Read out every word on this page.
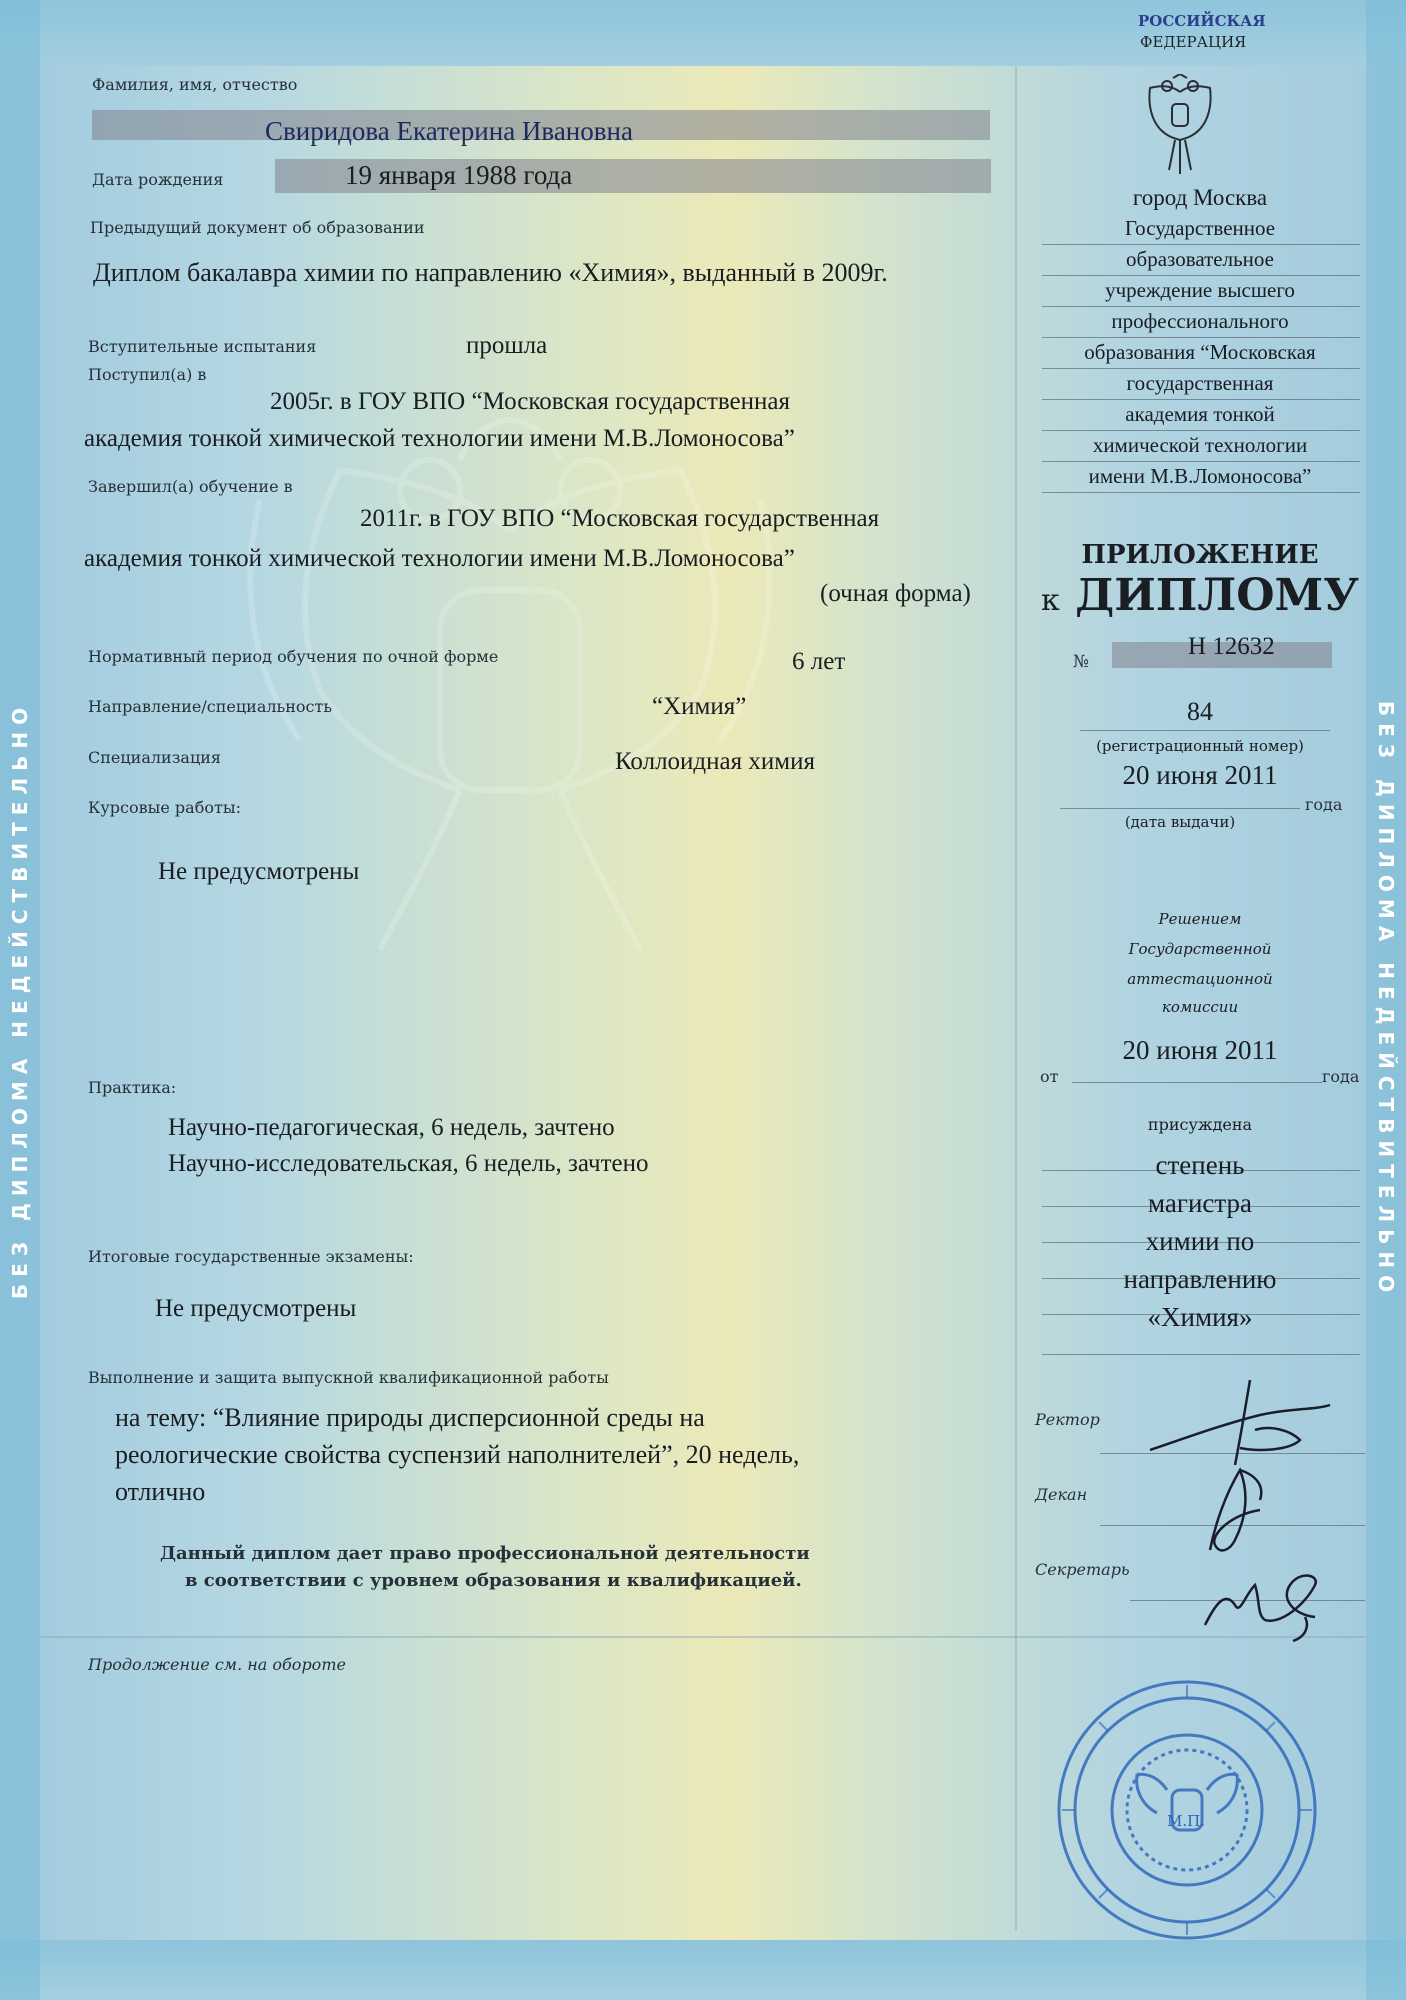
БЕЗ ДИПЛОМА НЕДЕЙСТВИТЕЛЬНО	БЕЗ ДИПЛОМА НЕДЕЙСТВИТЕЛЬНО
РОССИЙСКАЯ
ФЕДЕРАЦИЯ
Фамилия, имя, отчество
Свиридова Екатерина Ивановна
Дата рождения	19 января 1988 года
Предыдущий документ об образовании
Диплом бакалавра химии по направлению «Химия», выданный в 2009г.
Вступительные испытания	прошла
Поступил(а) в
2005г. в ГОУ ВПО “Московская государственная
академия тонкой химической технологии имени М.В.Ломоносова”
Завершил(а) обучение в
2011г. в ГОУ ВПО “Московская государственная
академия тонкой химической технологии имени М.В.Ломоносова”
(очная форма)
Нормативный период обучения по очной форме	6 лет
Направление/специальность	“Химия”
Специализация	Коллоидная химия
Курсовые работы:
Не предусмотрены
Практика:
Научно-педагогическая, 6 недель, зачтено
Научно-исследовательская, 6 недель, зачтено
Итоговые государственные экзамены:
Не предусмотрены
Выполнение и защита выпускной квалификационной работы
на тему: “Влияние природы дисперсионной среды на
реологические свойства суспензий наполнителей”, 20 недель,
отлично
Данный диплом дает право профессиональной деятельности
в соответствии с уровнем образования и квалификацией.
Продолжение см. на обороте
город Москва
Государственное
образовательное
учреждение высшего
профессионального
образования “Московская
государственная
академия тонкой
химической технологии
имени М.В.Ломоносова”
ПРИЛОЖЕНИЕ
к ДИПЛОМУ
№
Н 12632
84
(регистрационный номер)
20 июня 2011
года
(дата выдачи)
Решением
Государственной
аттестационной
комиссии
от
20 июня 2011
года
присуждена
степень
магистра
химии по
направлению
«Химия»
Ректор
Декан
Секретарь
М.П.
